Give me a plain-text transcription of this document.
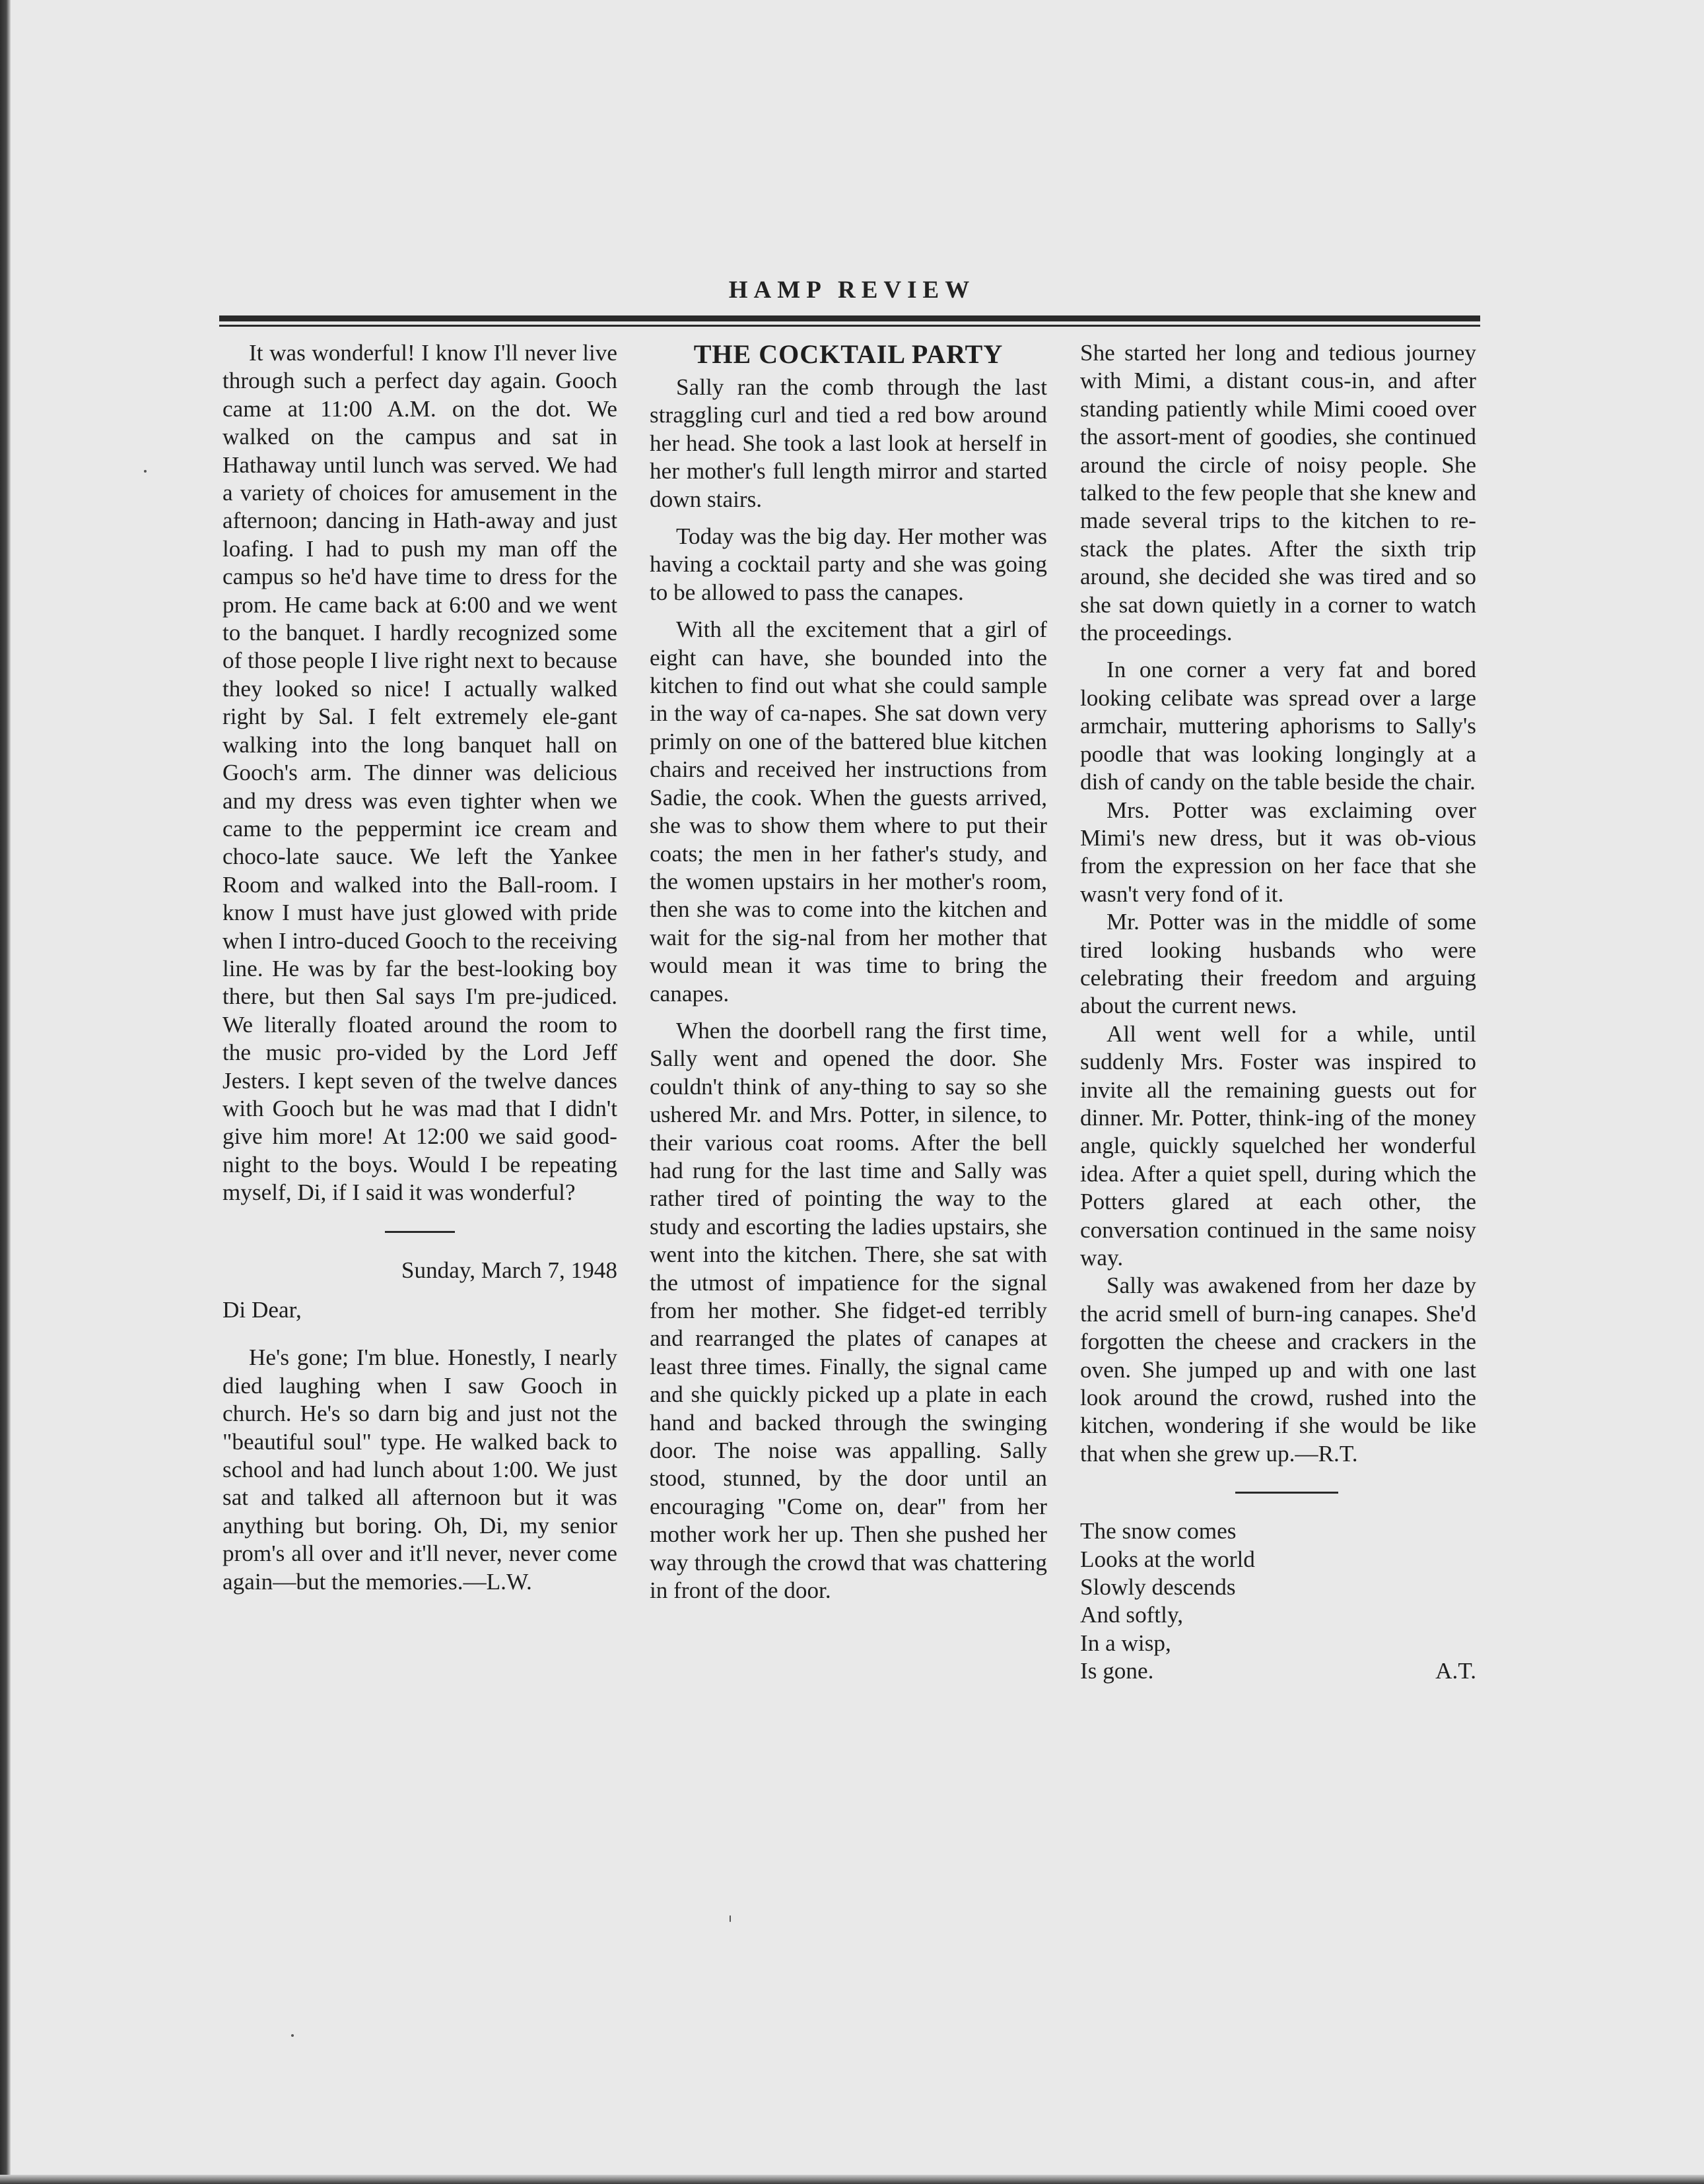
HAMP REVIEW

It was wonderful! I know I'll never live through such a perfect day again. Gooch came at 11:00 A.M. on the dot. We walked on the campus and sat in Hathaway until lunch was served. We had a variety of choices for amusement in the afternoon; dancing in Hath-away and just loafing. I had to push my man off the campus so he'd have time to dress for the prom. He came back at 6:00 and we went to the banquet. I hardly recognized some of those people I live right next to because they looked so nice! I actually walked right by Sal. I felt extremely ele-gant walking into the long banquet hall on Gooch's arm. The dinner was delicious and my dress was even tighter when we came to the peppermint ice cream and choco-late sauce. We left the Yankee Room and walked into the Ball-room. I know I must have just glowed with pride when I intro-duced Gooch to the receiving line. He was by far the best-looking boy there, but then Sal says I'm pre-judiced. We literally floated around the room to the music pro-vided by the Lord Jeff Jesters. I kept seven of the twelve dances with Gooch but he was mad that I didn't give him more! At 12:00 we said good-night to the boys. Would I be repeating myself, Di, if I said it was wonderful?

Sunday, March 7, 1948

Di Dear,

He's gone; I'm blue. Honestly, I nearly died laughing when I saw Gooch in church. He's so darn big and just not the "beautiful soul" type. He walked back to school and had lunch about 1:00. We just sat and talked all afternoon but it was anything but boring. Oh, Di, my senior prom's all over and it'll never, never come again—but the memories.—L.W.

THE COCKTAIL PARTY

Sally ran the comb through the last straggling curl and tied a red bow around her head. She took a last look at herself in her mother's full length mirror and started down stairs.

Today was the big day. Her mother was having a cocktail party and she was going to be allowed to pass the canapes.

With all the excitement that a girl of eight can have, she bounded into the kitchen to find out what she could sample in the way of ca-napes. She sat down very primly on one of the battered blue kitchen chairs and received her instructions from Sadie, the cook. When the guests arrived, she was to show them where to put their coats; the men in her father's study, and the women upstairs in her mother's room, then she was to come into the kitchen and wait for the sig-nal from her mother that would mean it was time to bring the canapes.

When the doorbell rang the first time, Sally went and opened the door. She couldn't think of any-thing to say so she ushered Mr. and Mrs. Potter, in silence, to their various coat rooms. After the bell had rung for the last time and Sally was rather tired of pointing the way to the study and escorting the ladies upstairs, she went into the kitchen. There, she sat with the utmost of impatience for the signal from her mother. She fidget-ed terribly and rearranged the plates of canapes at least three times. Finally, the signal came and she quickly picked up a plate in each hand and backed through the swinging door. The noise was appalling. Sally stood, stunned, by the door until an encouraging "Come on, dear" from her mother work her up. Then she pushed her way through the crowd that was chattering in front of the door.

She started her long and tedious journey with Mimi, a distant cous-in, and after standing patiently while Mimi cooed over the assort-ment of goodies, she continued around the circle of noisy people. She talked to the few people that she knew and made several trips to the kitchen to re-stack the plates. After the sixth trip around, she decided she was tired and so she sat down quietly in a corner to watch the proceedings.

In one corner a very fat and bored looking celibate was spread over a large armchair, muttering aphorisms to Sally's poodle that was looking longingly at a dish of candy on the table beside the chair.

Mrs. Potter was exclaiming over Mimi's new dress, but it was ob-vious from the expression on her face that she wasn't very fond of it.

Mr. Potter was in the middle of some tired looking husbands who were celebrating their freedom and arguing about the current news.

All went well for a while, until suddenly Mrs. Foster was inspired to invite all the remaining guests out for dinner. Mr. Potter, think-ing of the money angle, quickly squelched her wonderful idea. After a quiet spell, during which the Potters glared at each other, the conversation continued in the same noisy way.

Sally was awakened from her daze by the acrid smell of burn-ing canapes. She'd forgotten the cheese and crackers in the oven. She jumped up and with one last look around the crowd, rushed into the kitchen, wondering if she would be like that when she grew up.—R.T.

The snow comes
Looks at the world
Slowly descends
And softly,
In a wisp,
Is gone.	A.T.
